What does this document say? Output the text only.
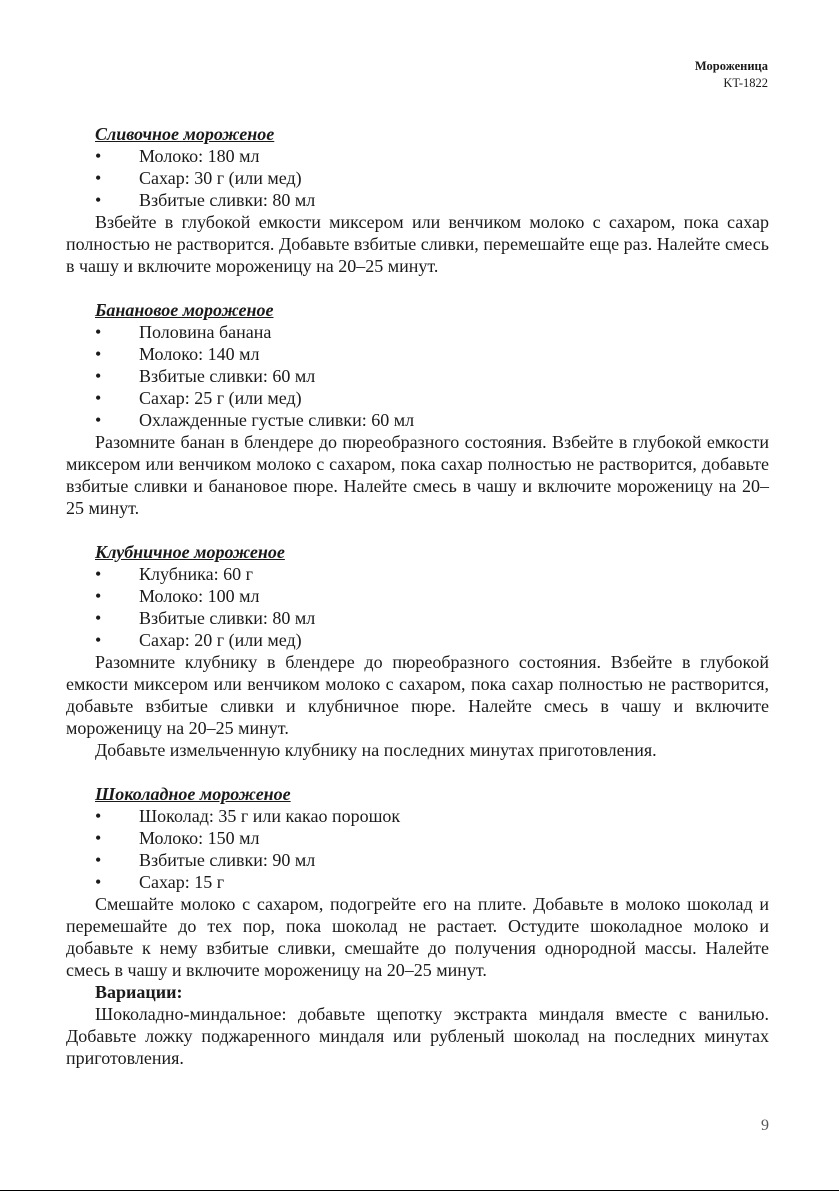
Мороженица
KT-1822
Сливочное мороженое
• Молоко: 180 мл
• Сахар: 30 г (или мед)
• Взбитые сливки: 80 мл

Взбейте в глубокой емкости миксером или венчиком молоко с сахаром, пока сахар полностью не растворится. Добавьте взбитые сливки, перемешайте еще раз. Налейте смесь в чашу и включите мороженицу на 20–25 минут.

Банановое мороженое
• Половина банана
• Молоко: 140 мл
• Взбитые сливки: 60 мл
• Сахар: 25 г (или мед)
• Охлажденные густые сливки: 60 мл

Разомните банан в блендере до пюреобразного состояния. Взбейте в глубокой емкости миксером или венчиком молоко с сахаром, пока сахар полностью не растворится, добавьте взбитые сливки и банановое пюре. Налейте смесь в чашу и включите мороженицу на 20–25 минут.

Клубничное мороженое
• Клубника: 60 г
• Молоко: 100 мл
• Взбитые сливки: 80 мл
• Сахар: 20 г (или мед)

Разомните клубнику в блендере до пюреобразного состояния. Взбейте в глубокой емкости миксером или венчиком молоко с сахаром, пока сахар полностью не растворится, добавьте взбитые сливки и клубничное пюре. Налейте смесь в чашу и включите мороженицу на 20–25 минут.

Добавьте измельченную клубнику на последних минутах приготовления.

Шоколадное мороженое
• Шоколад: 35 г или какао порошок
• Молоко: 150 мл
• Взбитые сливки: 90 мл
• Сахар: 15 г

Смешайте молоко с сахаром, подогрейте его на плите. Добавьте в молоко шоколад и перемешайте до тех пор, пока шоколад не растает. Остудите шоколадное молоко и добавьте к нему взбитые сливки, смешайте до получения однородной массы. Налейте смесь в чашу и включите мороженицу на 20–25 минут.

Вариации:

Шоколадно-миндальное: добавьте щепотку экстракта миндаля вместе с ванилью. Добавьте ложку поджаренного миндаля или рубленый шоколад на последних минутах приготовления.

9
